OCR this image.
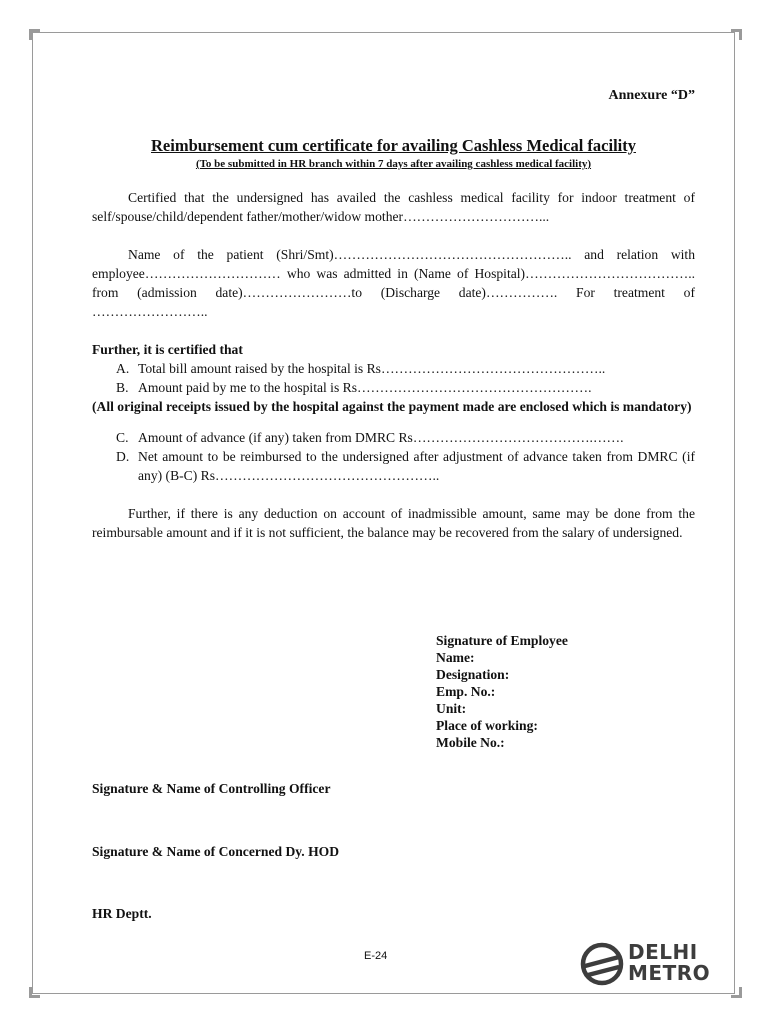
Annexure “D”
Reimbursement cum certificate for availing Cashless Medical facility
(To be submitted in HR branch within 7 days after availing cashless medical facility)

Certified that the undersigned has availed the cashless medical facility for indoor treatment of self/spouse/child/dependent father/mother/widow mother…………………………...

Name of the patient (Shri/Smt)…………………………………………….. and relation with employee………………………… who was admitted in (Name of Hospital)……………………………….. from (admission date)……………………to (Discharge date)……………. For treatment of ……………………..

Further, it is certified that
A. Total bill amount raised by the hospital is Rs…………………………………………..
B. Amount paid by me to the hospital is Rs…………………………………………….
(All original receipts issued by the hospital against the payment made are enclosed which is mandatory)
C. Amount of advance (if any) taken from DMRC Rs………………………………….…….
D. Net amount to be reimbursed to the undersigned after adjustment of advance taken from DMRC (if any) (B-C) Rs…………………………………………..

Further, if there is any deduction on account of inadmissible amount, same may be done from the reimbursable amount and if it is not sufficient, the balance may be recovered from the salary of undersigned.

Signature of Employee
Name:
Designation:
Emp. No.:
Unit:
Place of working:
Mobile No.:
Signature & Name of Controlling Officer
Signature & Name of Concerned Dy. HOD
HR Deptt.
E-24	DELHI
METRO
